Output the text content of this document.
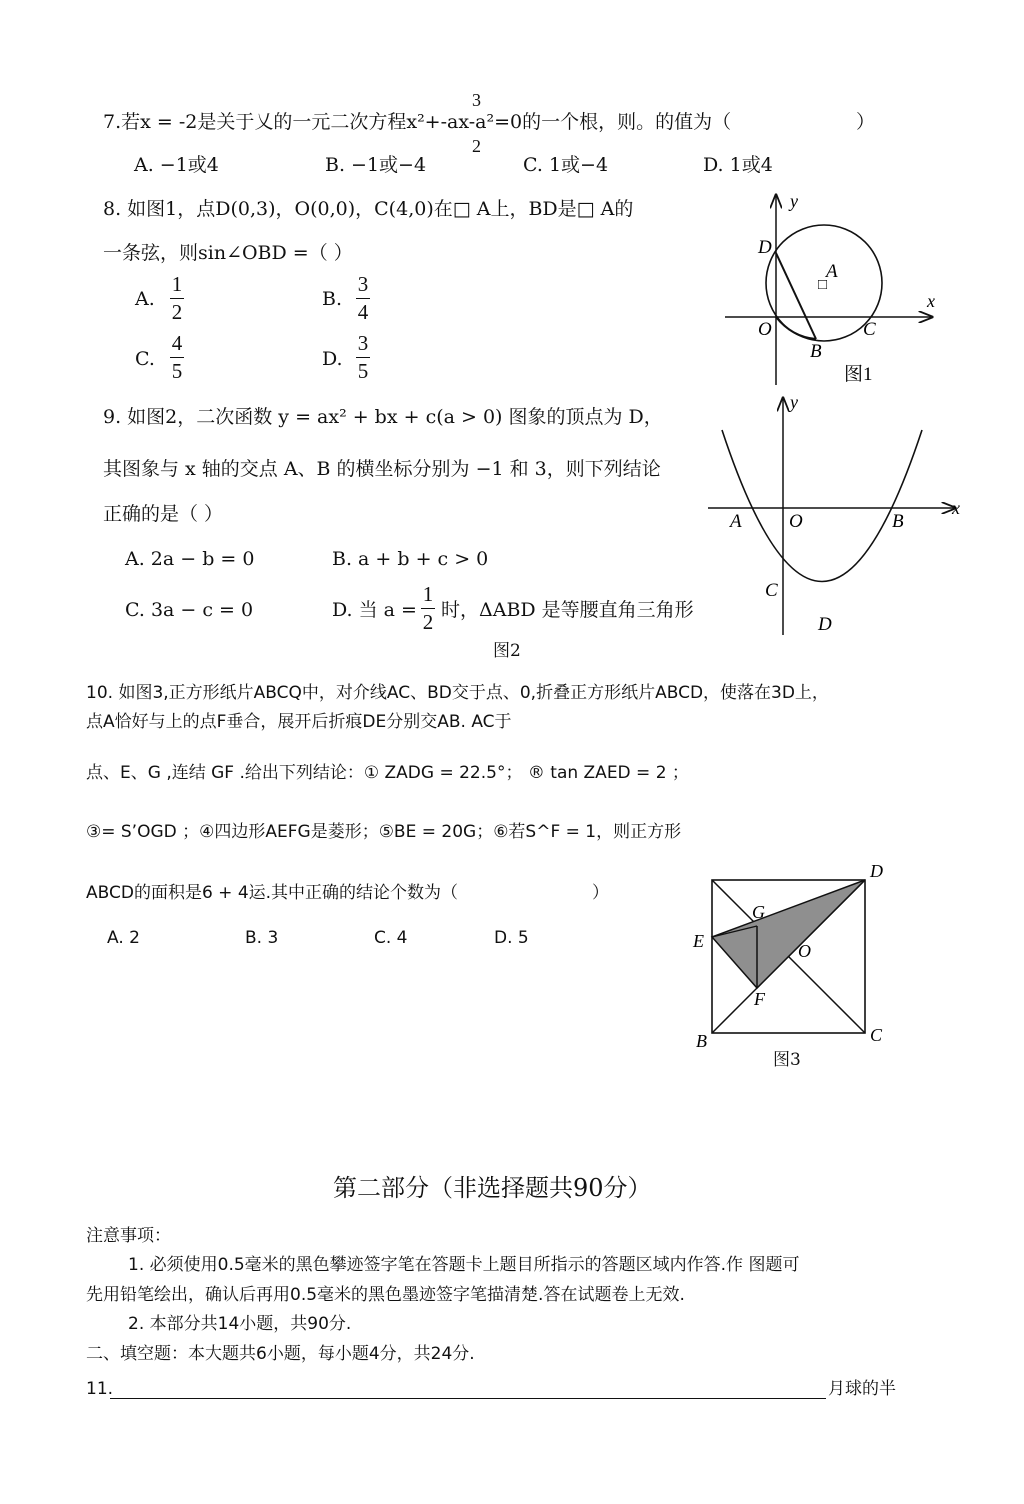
3
2
7.若x = -2是关于乂的一元二次方程x²+-ax-a²=0的一个根，则。的值为（	）
A. −1或4	B. −1或−4	C. 1或−4	D. 1或4
8. 如图1，点D(0,3)，O(0,0)，C(4,0)在□ A上，BD是□ A的
一条弦，则sin∠OBD =（ ）
A.
1
2
B.
3
4
C.
4
5	D.
3
5
y
x
D
A
□
O
B
C
图1
9. 如图2，二次函数 y = ax² + bx + c(a > 0) 图象的顶点为 D，
其图象与 x 轴的交点 A、B 的横坐标分别为 −1 和 3，则下列结论
正确的是（ ）
A. 2a − b = 0	B. a + b + c > 0
C. 3a − c = 0	D. 当 a =
1
2 时，ΔABD 是等腰直角三角形
y
x
A O	B
C
D
图2
10. 如图3,正方形纸片ABCQ中，对介线AC、BD交于点、0,折叠正方形纸片ABCD，使落在3D上，
点A恰好与上的点F垂合，展开后折痕DE分别交AB. AC于
点、E、G ,连结 GF .给出下列结论：① ZADG = 22.5°； ® tan ZAED = 2 ；
③= S’OGD ；④四边形AEFG是菱形；⑤BE = 20G；⑥若S^F = 1，则正方形
ABCD的面积是6 + 4运.其中正确的结论个数为（	）
A. 2	B. 3	C. 4	D. 5
D
G
E	O
F
B	C
图3
第二部分（非选择题共90分）
注意事项：
1. 必须使用0.5毫米的黑色攀迹签字笔在答题卡上题目所指示的答题区域内作答.作 图题可
先用铅笔绘出，确认后再用0.5毫米的黑色墨迹签字笔描清楚.答在试题卷上无效.
2. 本部分共14小题，共90分.
二、填空题：本大题共6小题，每小题4分，共24分.
11.	月球的半
